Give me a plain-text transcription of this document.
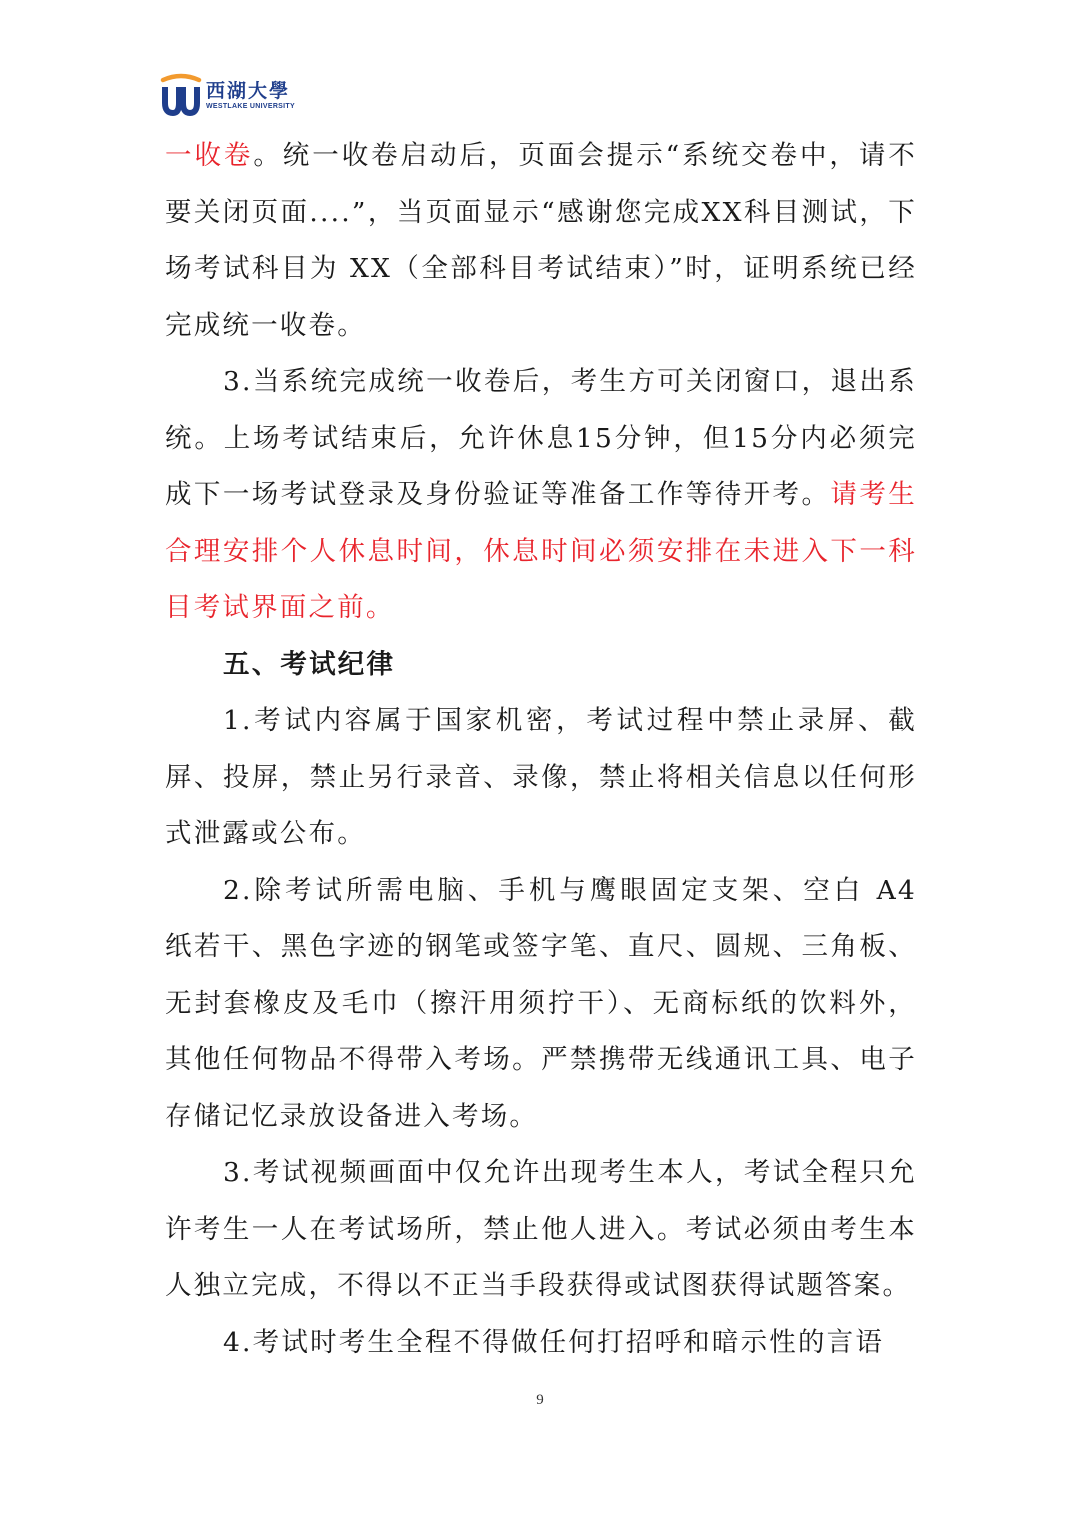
西湖大學
WESTLAKE UNIVERSITY

一收卷。统一收卷启动后，页面会提示“系统交卷中，请不要关闭页面....”，当页面显示“感谢您完成XX科目测试，下场考试科目为 XX（全部科目考试结束）”时，证明系统已经完成统一收卷。

3.当系统完成统一收卷后，考生方可关闭窗口，退出系统。上场考试结束后，允许休息15分钟，但15分内必须完成下一场考试登录及身份验证等准备工作等待开考。请考生合理安排个人休息时间，休息时间必须安排在未进入下一科目考试界面之前。

五、考试纪律

1.考试内容属于国家机密，考试过程中禁止录屏、截屏、投屏，禁止另行录音、录像，禁止将相关信息以任何形式泄露或公布。

2.除考试所需电脑、手机与鹰眼固定支架、空白 A4 纸若干、黑色字迹的钢笔或签字笔、直尺、圆规、三角板、无封套橡皮及毛巾（擦汗用须拧干）、无商标纸的饮料外，其他任何物品不得带入考场。严禁携带无线通讯工具、电子存储记忆录放设备进入考场。

3.考试视频画面中仅允许出现考生本人，考试全程只允许考生一人在考试场所，禁止他人进入。考试必须由考生本人独立完成，不得以不正当手段获得或试图获得试题答案。

4.考试时考生全程不得做任何打招呼和暗示性的言语

9
